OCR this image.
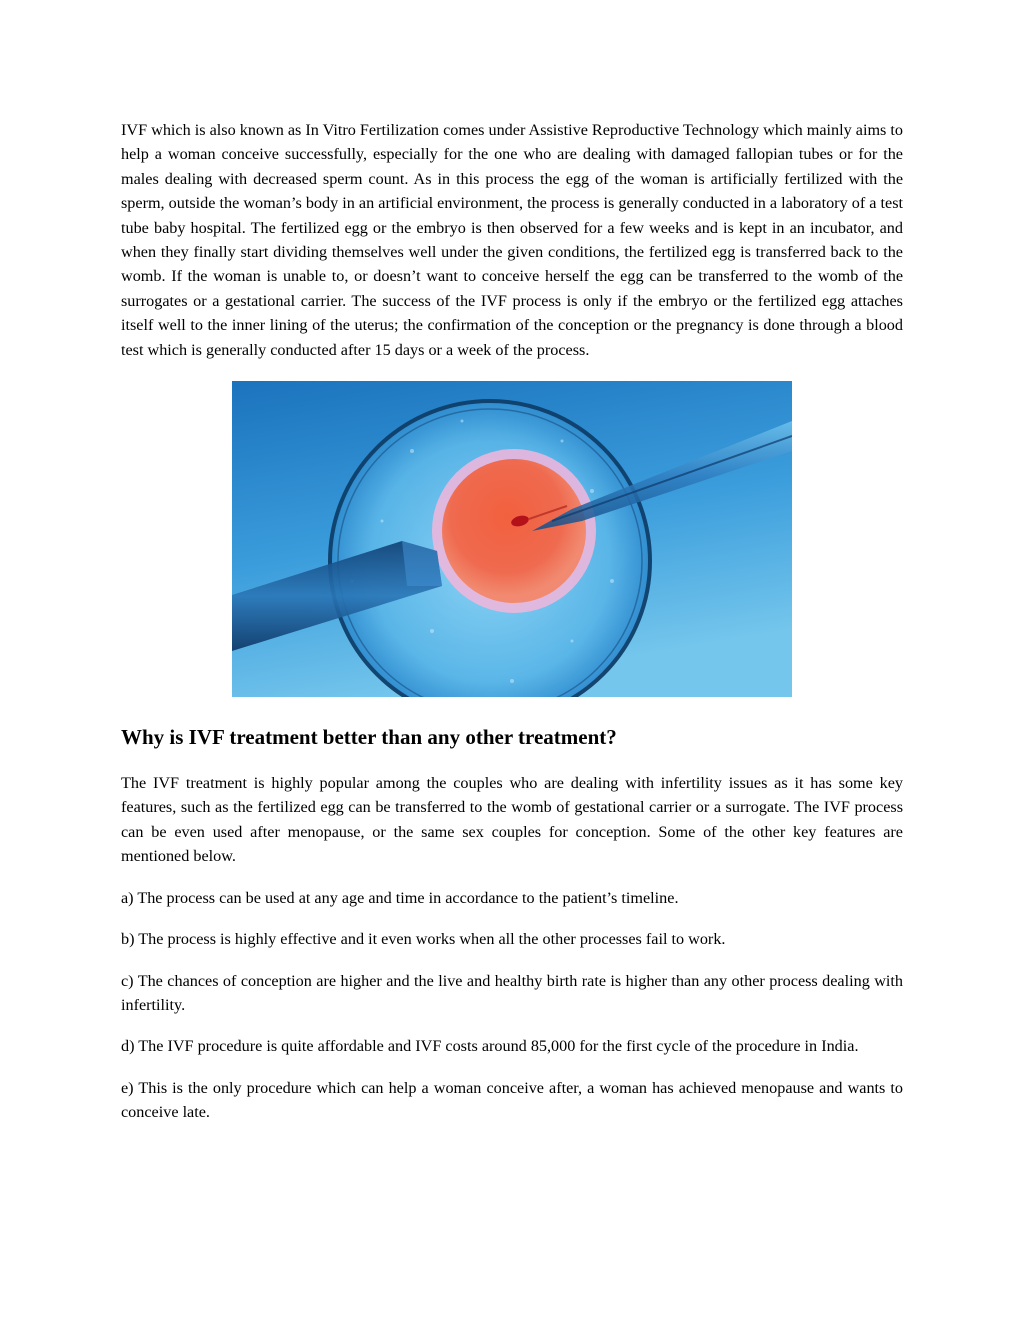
IVF which is also known as In Vitro Fertilization comes under Assistive Reproductive Technology which mainly aims to help a woman conceive successfully, especially for the one who are dealing with damaged fallopian tubes or for the males dealing with decreased sperm count. As in this process the egg of the woman is artificially fertilized with the sperm, outside the woman’s body in an artificial environment, the process is generally conducted in a laboratory of a test tube baby hospital. The fertilized egg or the embryo is then observed for a few weeks and is kept in an incubator, and when they finally start dividing themselves well under the given conditions, the fertilized egg is transferred back to the womb. If the woman is unable to, or doesn’t want to conceive herself the egg can be transferred to the womb of the surrogates or a gestational carrier. The success of the IVF process is only if the embryo or the fertilized egg attaches itself well to the inner lining of the uterus; the confirmation of the conception or the pregnancy is done through a blood test which is generally conducted after 15 days or a week of the process.

Why is IVF treatment better than any other treatment?

The IVF treatment is highly popular among the couples who are dealing with infertility issues as it has some key features, such as the fertilized egg can be transferred to the womb of gestational carrier or a surrogate. The IVF process can be even used after menopause, or the same sex couples for conception. Some of the other key features are mentioned below.

a) The process can be used at any age and time in accordance to the patient’s timeline.

b) The process is highly effective and it even works when all the other processes fail to work.

c) The chances of conception are higher and the live and healthy birth rate is higher than any other process dealing with infertility.

d) The IVF procedure is quite affordable and IVF costs around 85,000 for the first cycle of the procedure in India.

e) This is the only procedure which can help a woman conceive after, a woman has achieved menopause and wants to conceive late.
